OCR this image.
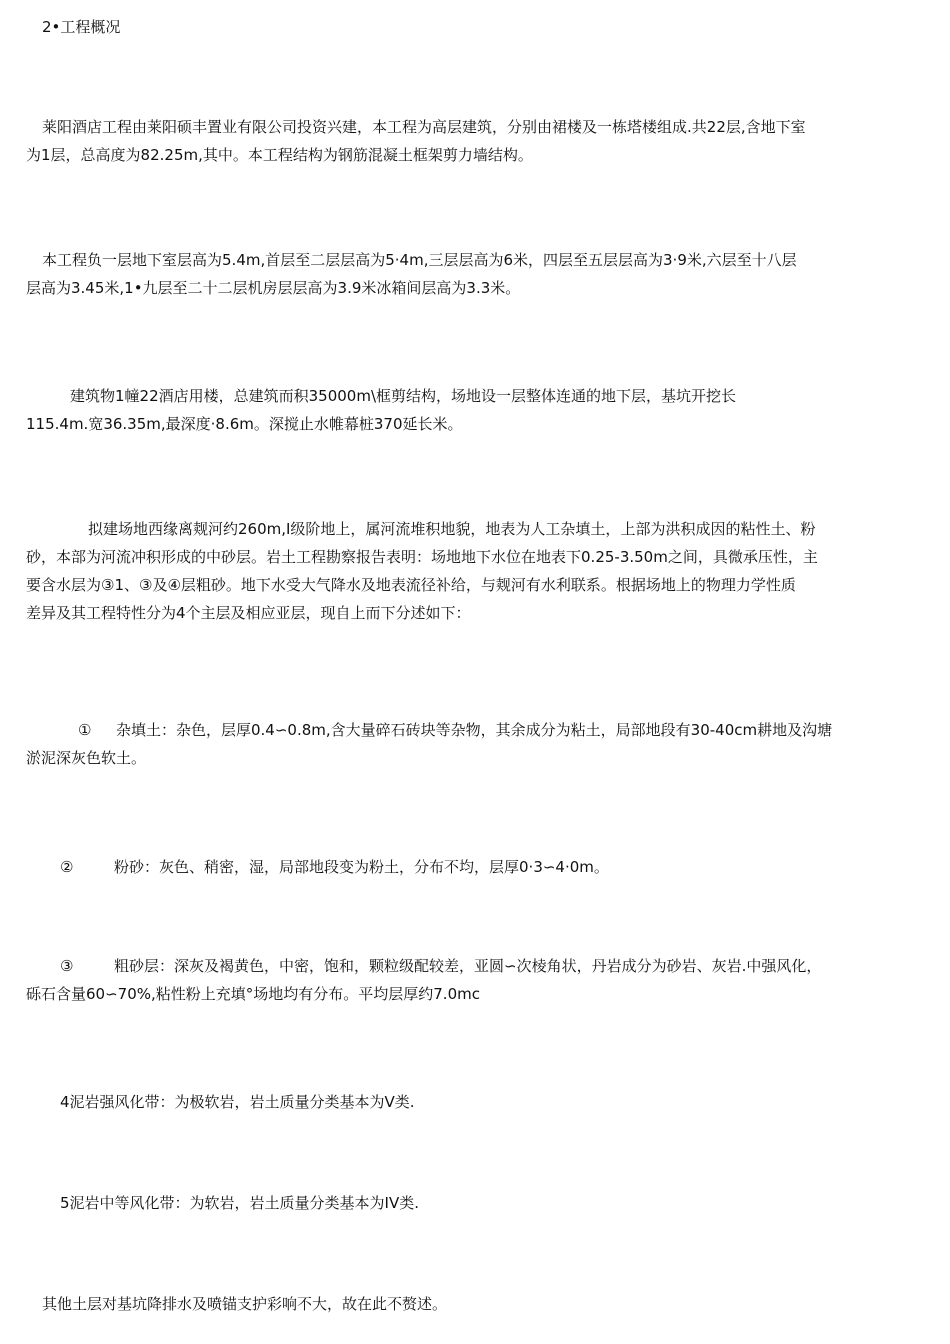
2•工程概况

莱阳酒店工程由莱阳硕丰置业有限公司投资兴建，本工程为高层建筑，分别由裙楼及一栋塔楼组成.共22层,含地下室
为1层，总高度为82.25m,其中。本工程结构为钢筋混凝土框架剪力墙结构。

本工程负一层地下室层高为5.4m,首层至二层层高为5·4m,三层层高为6米，四层至五层层高为3·9米,六层至十八层
层高为3.45米,1•九层至二十二层机房层层高为3.9米冰箱间层高为3.3米。

建筑物1幢22酒店用楼，总建筑而积35000m\框剪结构，场地设一层整体连通的地下层，基坑开挖长
115.4m.宽36.35m,最深度·8.6m。深搅止水帷幕桩370延长米。

拟建场地西缘离觌河约260m,I级阶地上，属河流堆积地貌，地表为人工杂填土，上部为洪积成因的粘性土、粉
砂，本部为河流冲积形成的中砂层。岩土工程勘察报告表明：场地地下水位在地表下0.25-3.50m之间，具微承压性，主
要含水层为③1、③及④层粗砂。地下水受大气降水及地表流径补给，与觌河有水利联系。根据场地上的物理力学性质
差异及其工程特性分为4个主层及相应亚层，现自上而下分述如下：

① 杂填土：杂色，层厚0.4∽0.8m,含大量碎石砖块等杂物，其余成分为粘土，局部地段有30-40cm耕地及沟塘
淤泥深灰色软土。

②	粉砂：灰色、稍密，湿，局部地段变为粉土，分布不均，层厚0·3∽4·0m。

③	粗砂层：深灰及褐黄色，中密，饱和，颗粒级配较差，亚圆∽次棱角状，丹岩成分为砂岩、灰岩.中强风化，
砾石含量60∽70%,粘性粉上充填°场地均有分布。平均层厚约7.0mc

4泥岩强风化带：为极软岩，岩土质量分类基本为V类.

5泥岩中等风化带：为软岩，岩土质量分类基本为IV类.

其他土层对基坑降排水及喷锚支护彩响不大，故在此不赘述。
